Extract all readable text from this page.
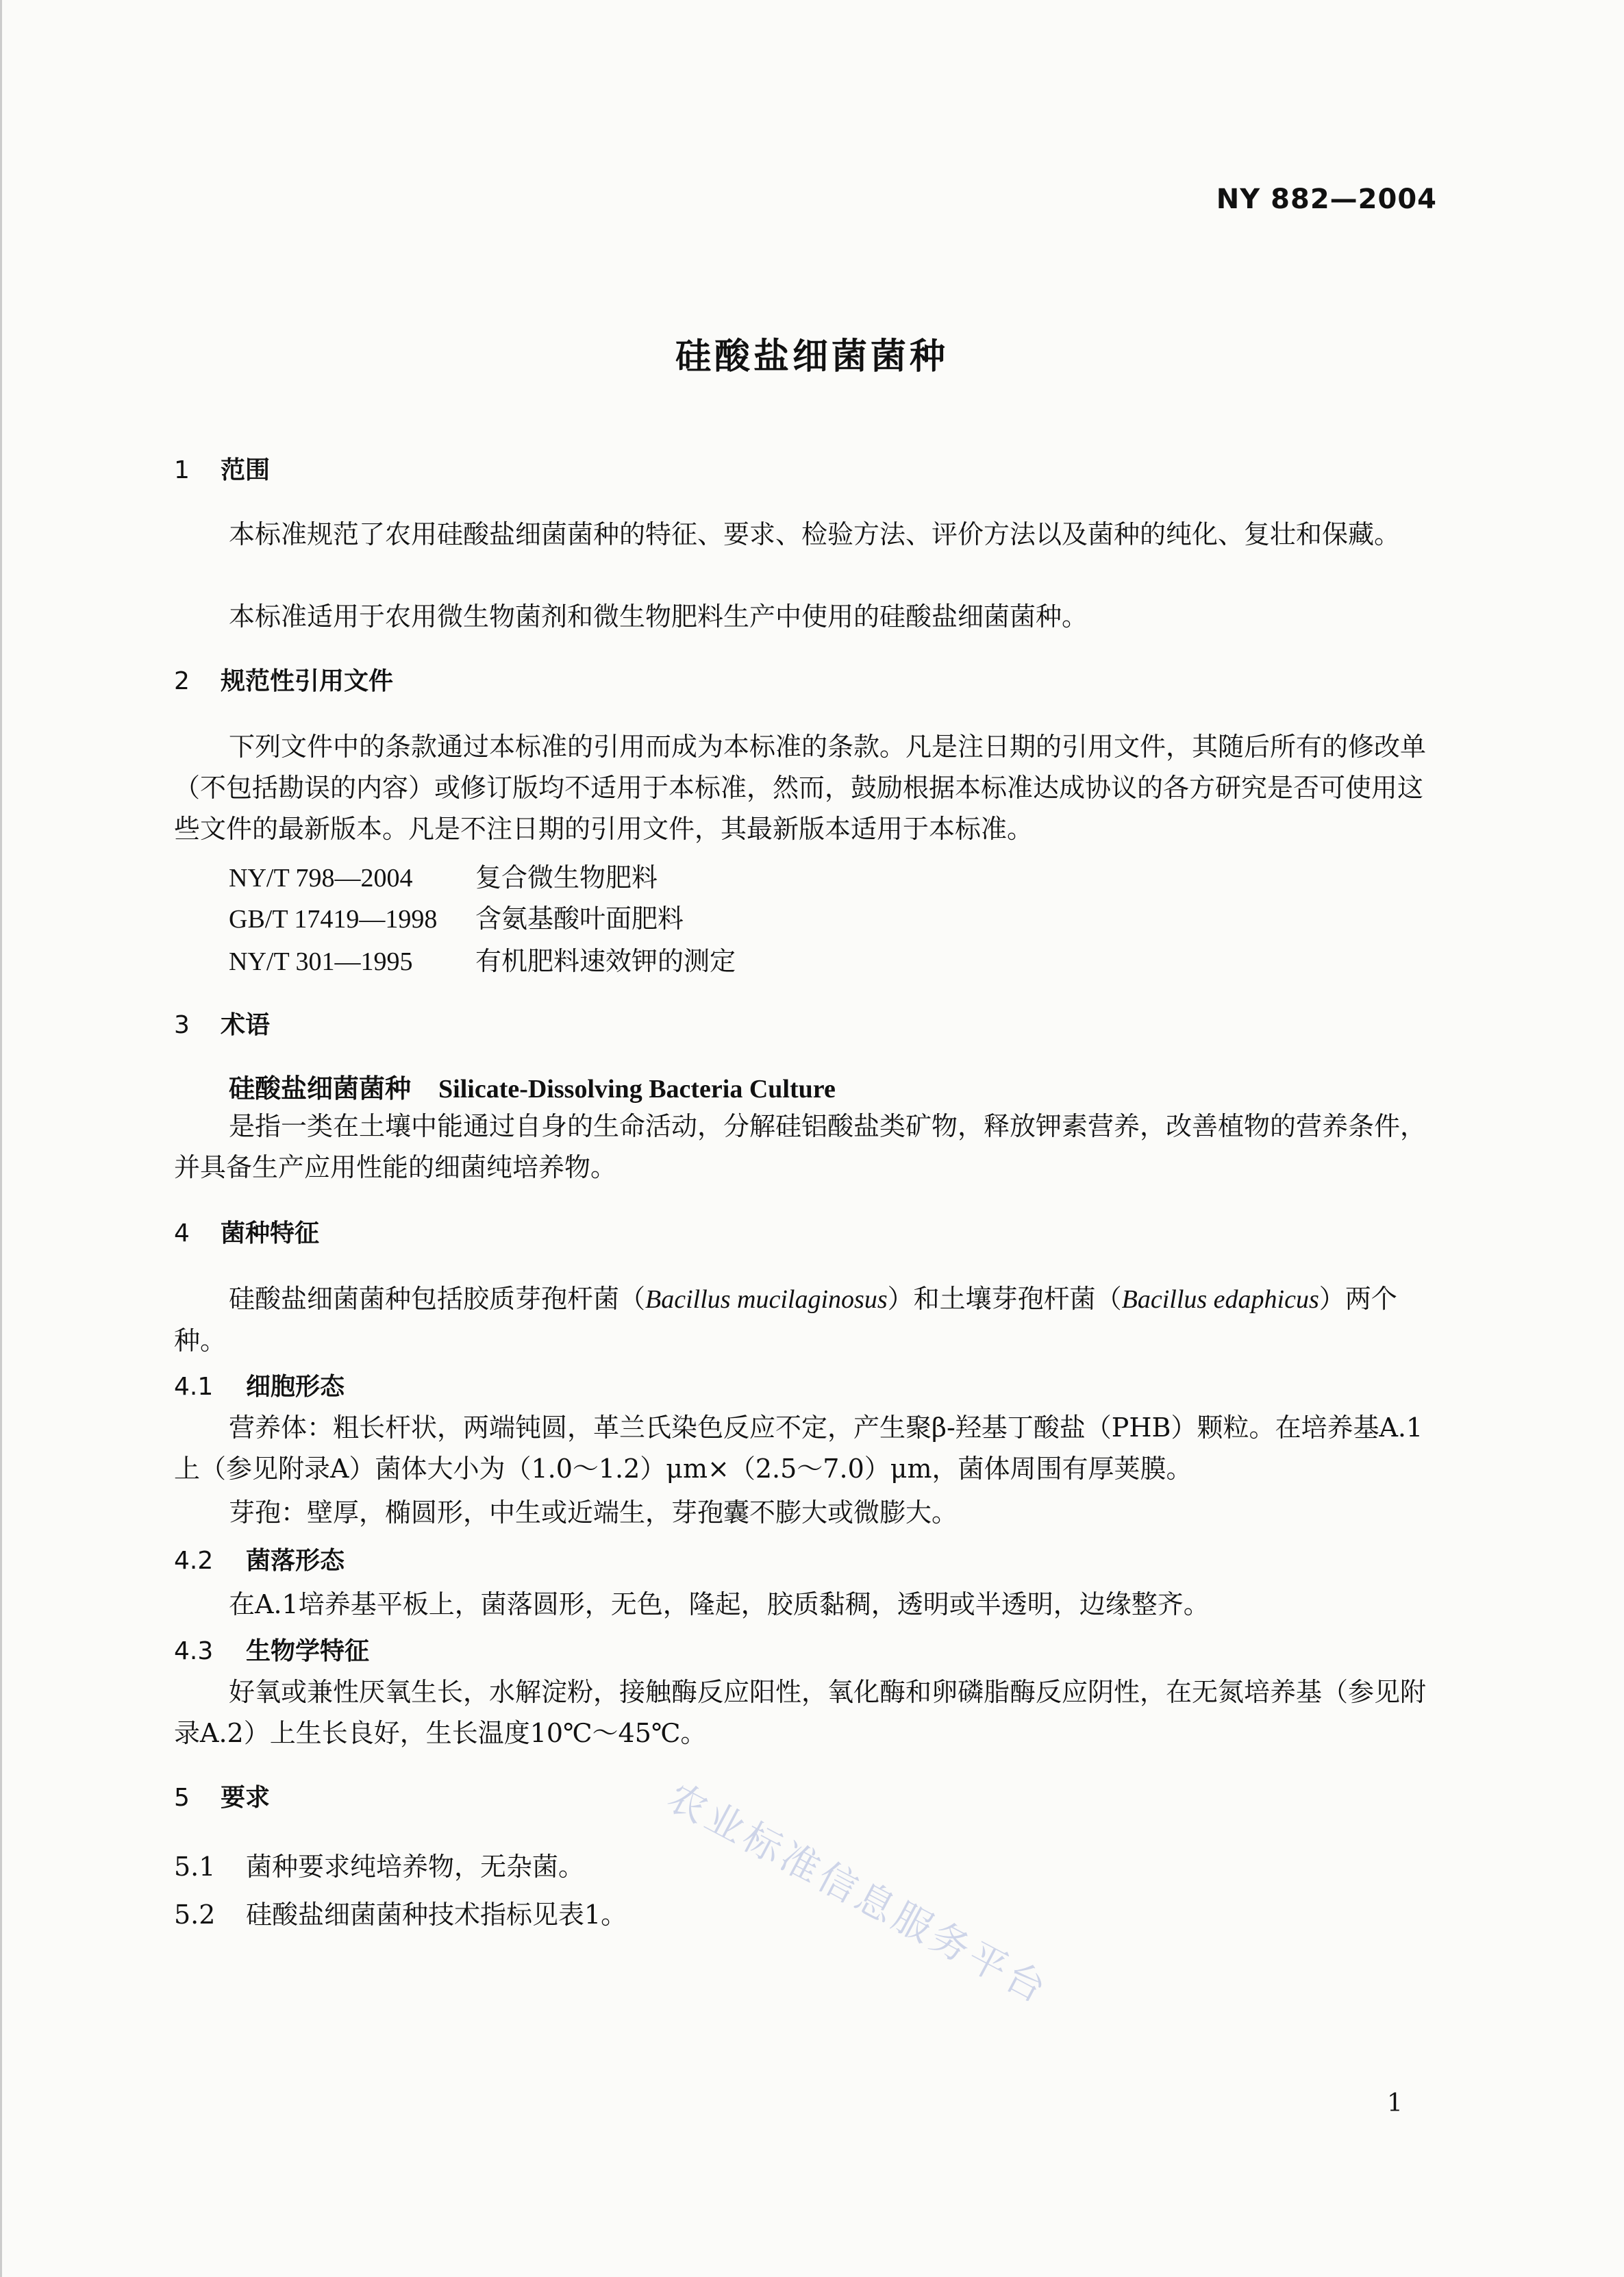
NY 882—2004
硅酸盐细菌菌种
1 范围
本标准规范了农用硅酸盐细菌菌种的特征、要求、检验方法、评价方法以及菌种的纯化、复壮和保藏。
本标准适用于农用微生物菌剂和微生物肥料生产中使用的硅酸盐细菌菌种。
2 规范性引用文件
下列文件中的条款通过本标准的引用而成为本标准的条款。凡是注日期的引用文件，其随后所有的修改单（不包括勘误的内容）或修订版均不适用于本标准，然而，鼓励根据本标准达成协议的各方研究是否可使用这些文件的最新版本。凡是不注日期的引用文件，其最新版本适用于本标准。
NY/T 798—2004 复合微生物肥料
GB/T 17419—1998 含氨基酸叶面肥料
NY/T 301—1995 有机肥料速效钾的测定
3 术语
硅酸盐细菌菌种 Silicate-Dissolving Bacteria Culture
是指一类在土壤中能通过自身的生命活动，分解硅铝酸盐类矿物，释放钾素营养，改善植物的营养条件，并具备生产应用性能的细菌纯培养物。
4 菌种特征
硅酸盐细菌菌种包括胶质芽孢杆菌（Bacillus mucilaginosus）和土壤芽孢杆菌（Bacillus edaphicus）两个种。
4.1 细胞形态
营养体：粗长杆状，两端钝圆，革兰氏染色反应不定，产生聚β-羟基丁酸盐（PHB）颗粒。在培养基A.1上（参见附录A）菌体大小为（1.0～1.2）μm×（2.5～7.0）μm，菌体周围有厚荚膜。
芽孢：壁厚，椭圆形，中生或近端生，芽孢囊不膨大或微膨大。
4.2 菌落形态
在A.1培养基平板上，菌落圆形，无色，隆起，胶质黏稠，透明或半透明，边缘整齐。
4.3 生物学特征
好氧或兼性厌氧生长，水解淀粉，接触酶反应阳性，氧化酶和卵磷脂酶反应阴性，在无氮培养基（参见附录A.2）上生长良好，生长温度10℃～45℃。
5 要求
5.1 菌种要求纯培养物，无杂菌。
5.2 硅酸盐细菌菌种技术指标见表1。 农业标准信息服务平台
1
